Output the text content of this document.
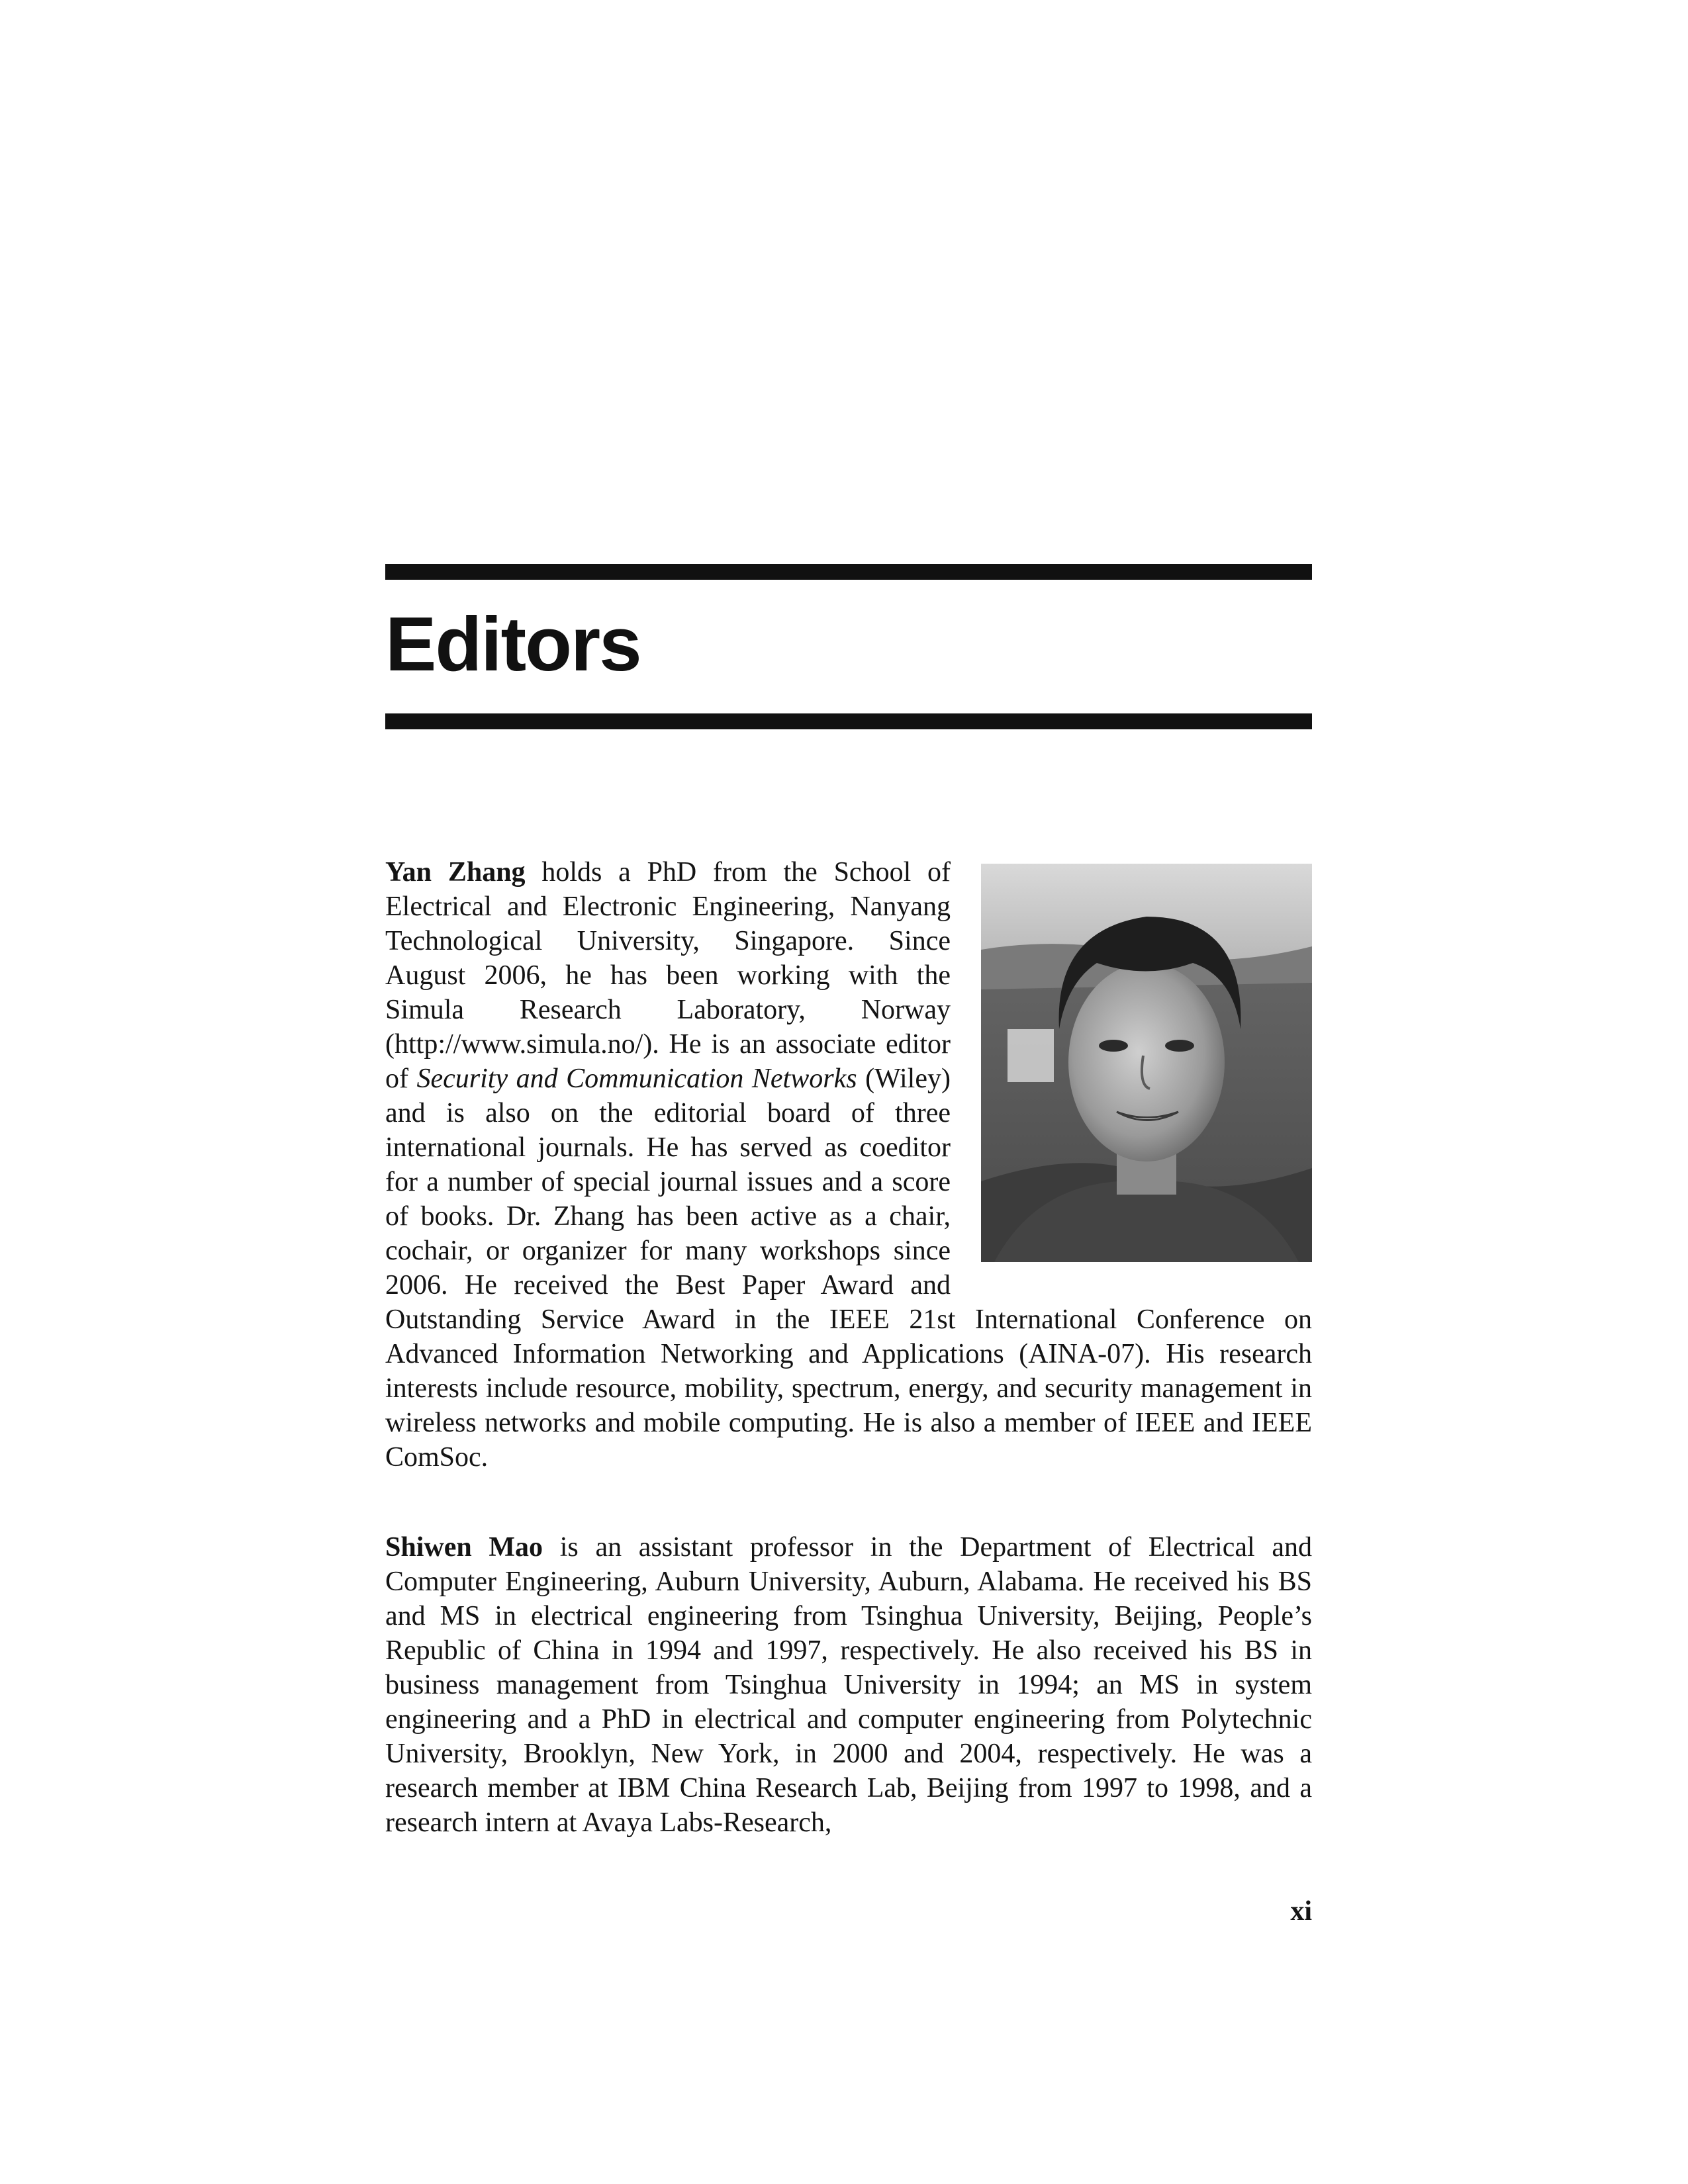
Editors
Yan Zhang holds a PhD from the School of Electrical and Electronic Engineering, Nanyang Technological University, Singapore. Since August 2006, he has been working with the Simula Research Laboratory, Norway (http://www.simula.no/). He is an associate editor of Security and Communication Networks (Wiley) and is also on the editorial board of three international journals. He has served as coeditor for a number of special journal issues and a score of books. Dr. Zhang has been active as a chair, cochair, or organizer for many workshops since 2006. He received the Best Paper Award and Outstanding Service Award in the IEEE 21st International Conference on Advanced Information Networking and Applications (AINA-07). His research interests include resource, mobility, spectrum, energy, and security management in wireless networks and mobile computing. He is also a member of IEEE and IEEE ComSoc.
Shiwen Mao is an assistant professor in the Department of Electrical and Computer Engineering, Auburn University, Auburn, Alabama. He received his BS and MS in electrical engineering from Tsinghua University, Beijing, People’s Republic of China in 1994 and 1997, respectively. He also received his BS in business management from Tsinghua University in 1994; an MS in system engineering and a PhD in electrical and computer engineering from Polytechnic University, Brooklyn, New York, in 2000 and 2004, respectively. He was a research member at IBM China Research Lab, Beijing from 1997 to 1998, and a research intern at Avaya Labs-Research,
xi
